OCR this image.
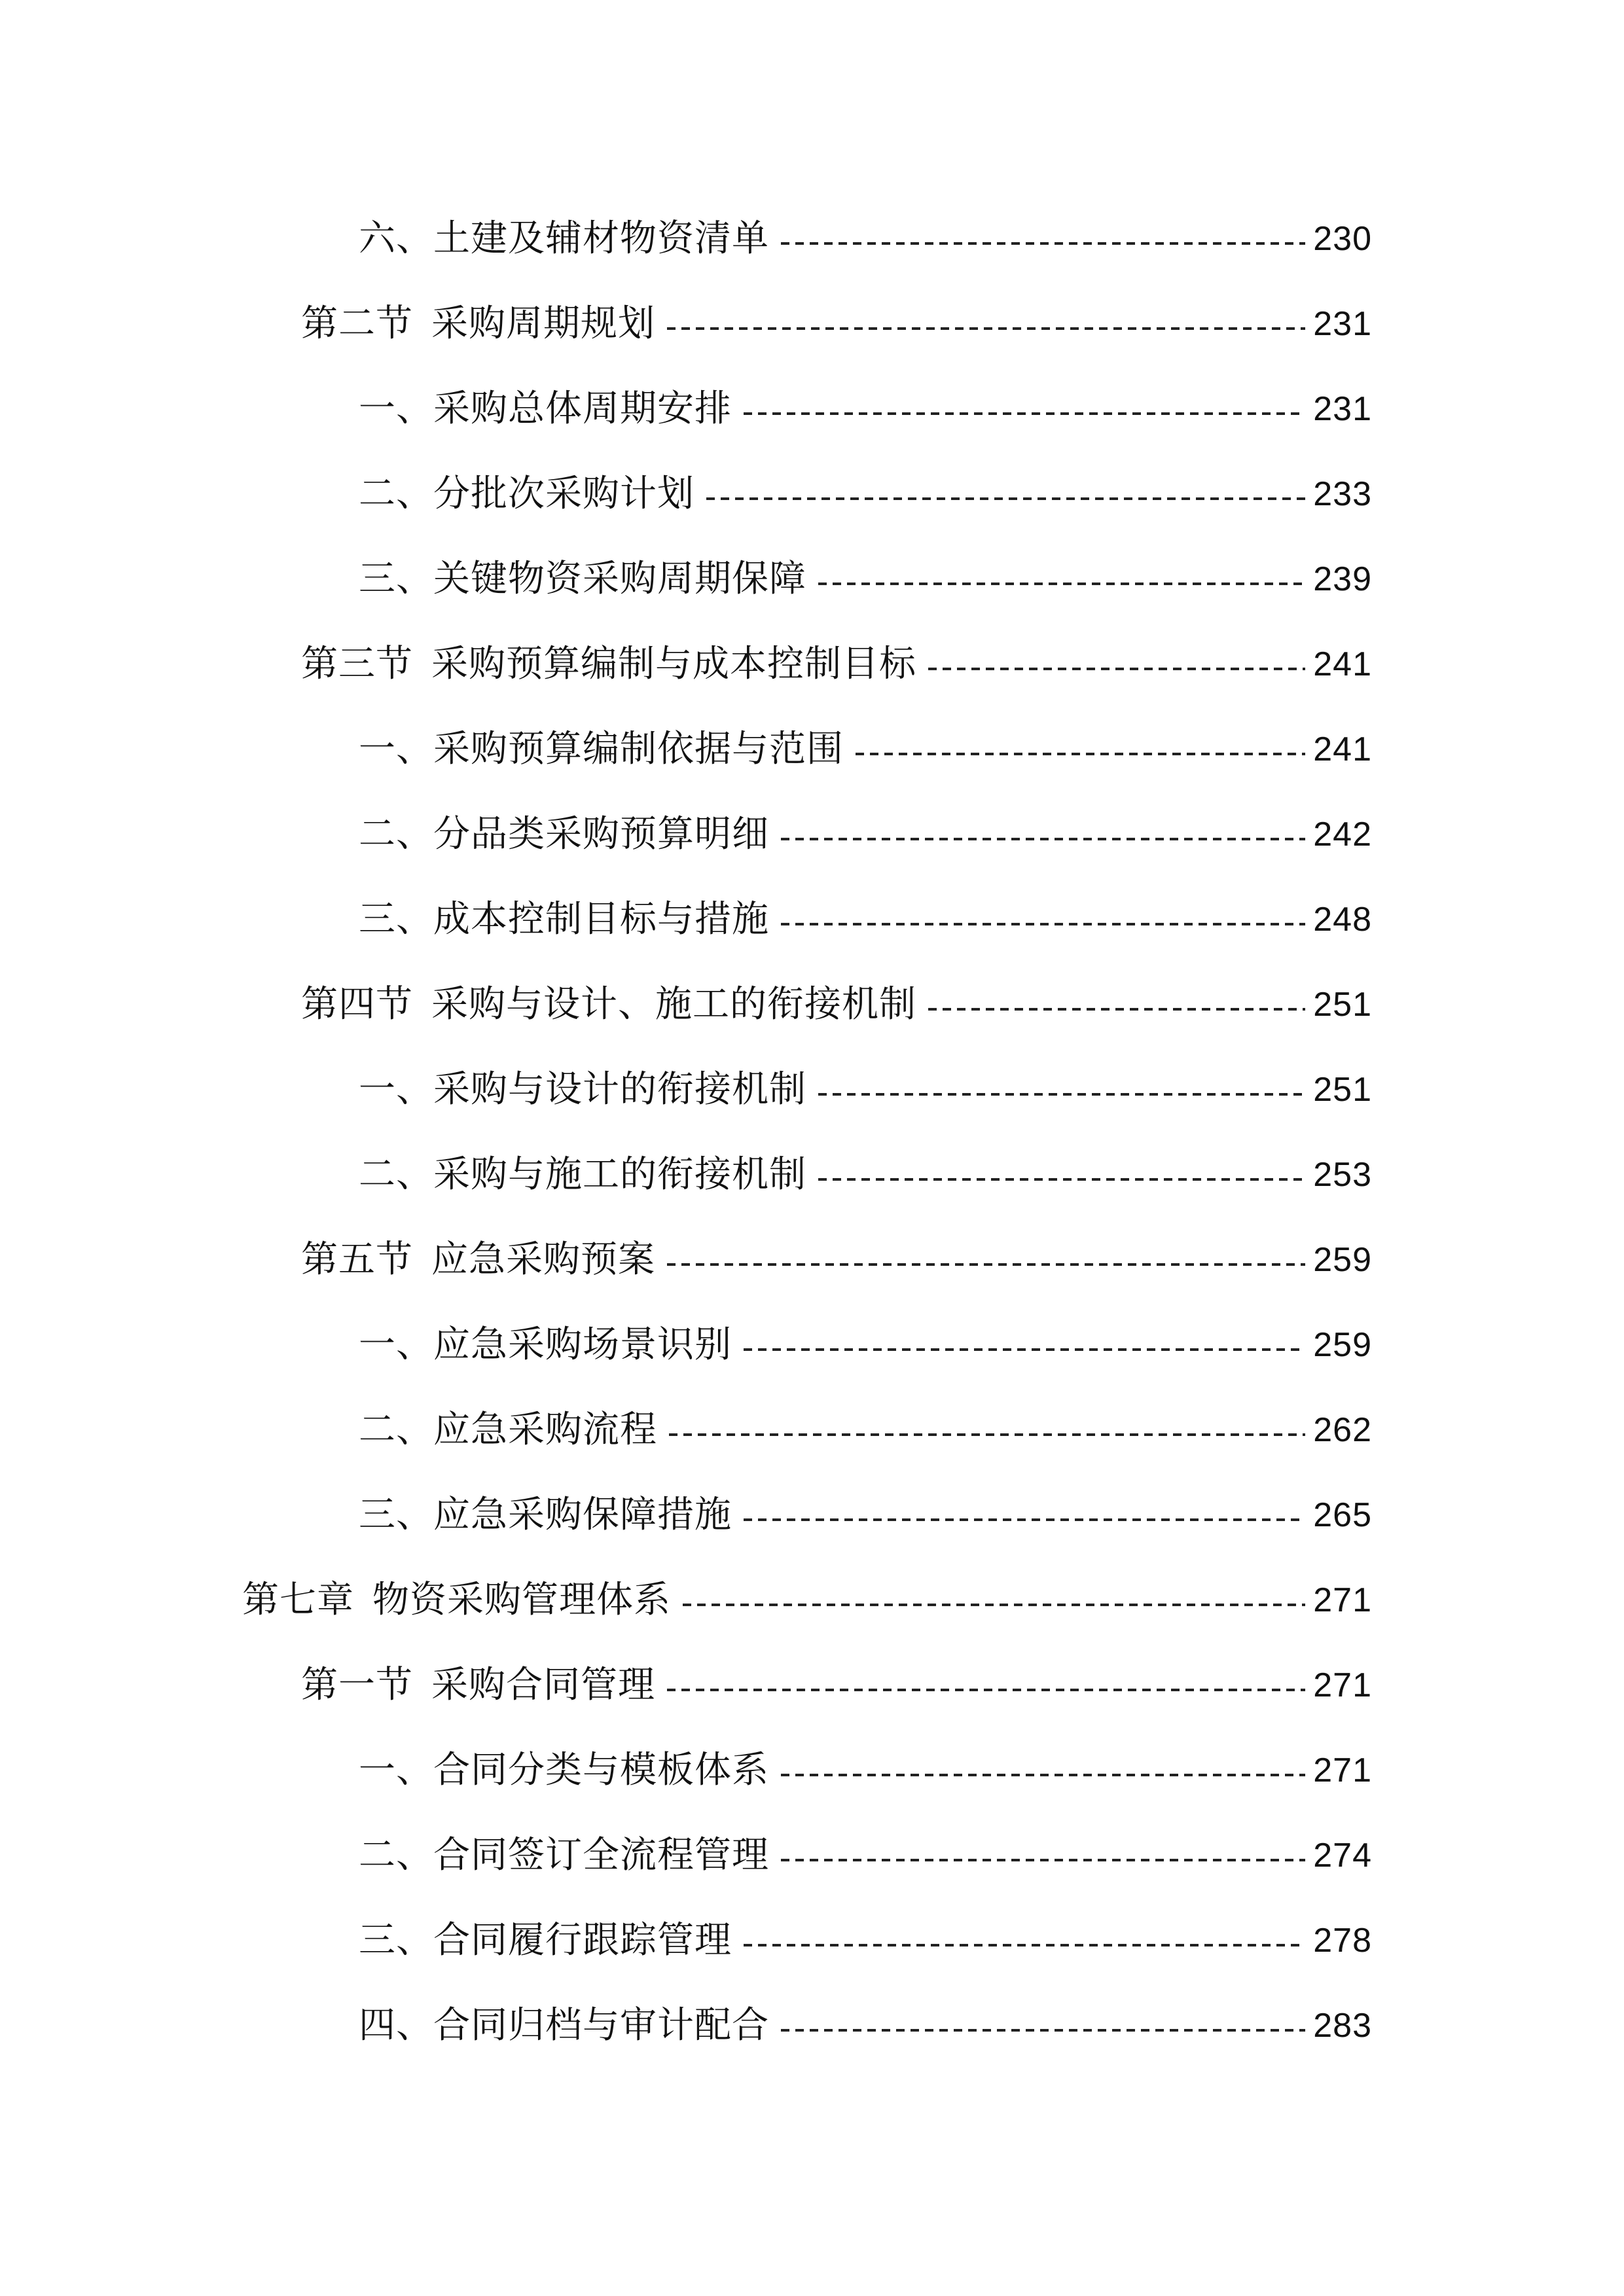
六、土建及辅材物资清单	230
第二节 采购周期规划	231
一、采购总体周期安排	231
二、分批次采购计划	233
三、关键物资采购周期保障	239
第三节 采购预算编制与成本控制目标	241
一、采购预算编制依据与范围	241
二、分品类采购预算明细	242
三、成本控制目标与措施	248
第四节 采购与设计、施工的衔接机制	251
一、采购与设计的衔接机制	251
二、采购与施工的衔接机制	253
第五节 应急采购预案	259
一、应急采购场景识别	259
二、应急采购流程	262
三、应急采购保障措施	265
第七章 物资采购管理体系	271
第一节 采购合同管理	271
一、合同分类与模板体系	271
二、合同签订全流程管理	274
三、合同履行跟踪管理	278
四、合同归档与审计配合	283
